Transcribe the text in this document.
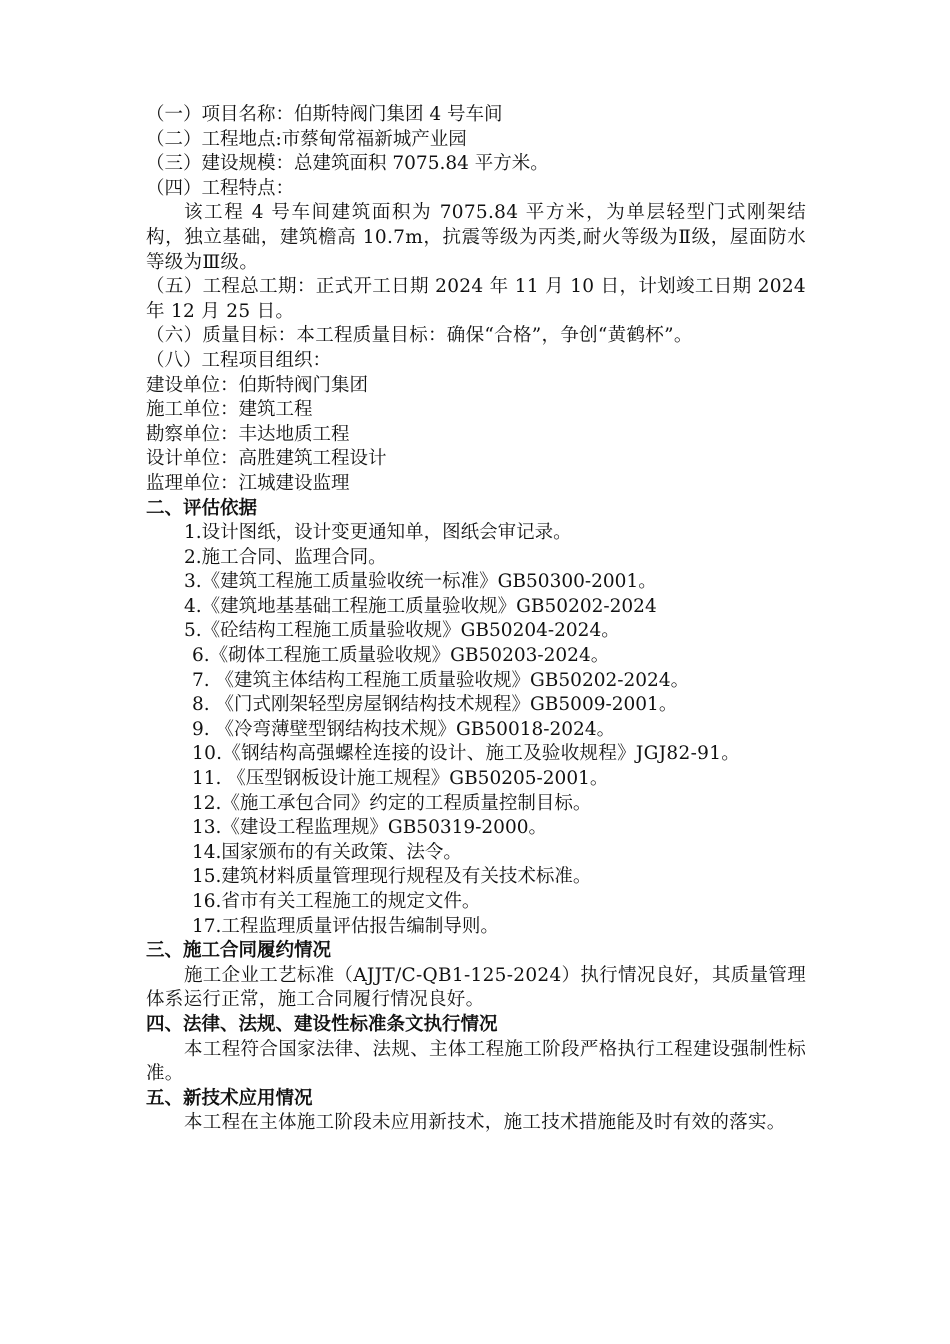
（一）项目名称：伯斯特阀门集团 4 号车间
（二）工程地点:市蔡甸常福新城产业园
（三）建设规模：总建筑面积 7075.84 平方米。
（四）工程特点：
该工程 4 号车间建筑面积为 7075.84 平方米，为单层轻型门式刚架结构，独立基础，建筑檐高 10.7m，抗震等级为丙类,耐火等级为Ⅱ级，屋面防水等级为Ⅲ级。
（五）工程总工期：正式开工日期 2024 年 11 月 10 日，计划竣工日期 2024 年 12 月 25 日。
（六）质量目标：本工程质量目标：确保“合格”，争创“黄鹤杯”。
（八）工程项目组织：
建设单位：伯斯特阀门集团
施工单位：建筑工程
勘察单位：丰达地质工程
设计单位：高胜建筑工程设计
监理单位：江城建设监理
二、评估依据
1.设计图纸，设计变更通知单，图纸会审记录。
2.施工合同、监理合同。
3.《建筑工程施工质量验收统一标准》GB50300-2001。
4.《建筑地基基础工程施工质量验收规》GB50202-2024
5.《砼结构工程施工质量验收规》GB50204-2024。
6.《砌体工程施工质量验收规》GB50203-2024。
7. 《建筑主体结构工程施工质量验收规》GB50202-2024。
8. 《门式刚架轻型房屋钢结构技术规程》GB5009-2001。
9. 《冷弯薄壁型钢结构技术规》GB50018-2024。
10.《钢结构高强螺栓连接的设计、施工及验收规程》JGJ82-91。
11. 《压型钢板设计施工规程》GB50205-2001。
12.《施工承包合同》约定的工程质量控制目标。
13.《建设工程监理规》GB50319-2000。
14.国家颁布的有关政策、法令。
15.建筑材料质量管理现行规程及有关技术标准。
16.省市有关工程施工的规定文件。
17.工程监理质量评估报告编制导则。
三、施工合同履约情况
施工企业工艺标准（AJJT/C-QB1-125-2024）执行情况良好，其质量管理体系运行正常，施工合同履行情况良好。
四、法律、法规、建设性标准条文执行情况
本工程符合国家法律、法规、主体工程施工阶段严格执行工程建设强制性标准。
五、新技术应用情况
本工程在主体施工阶段未应用新技术，施工技术措施能及时有效的落实。
